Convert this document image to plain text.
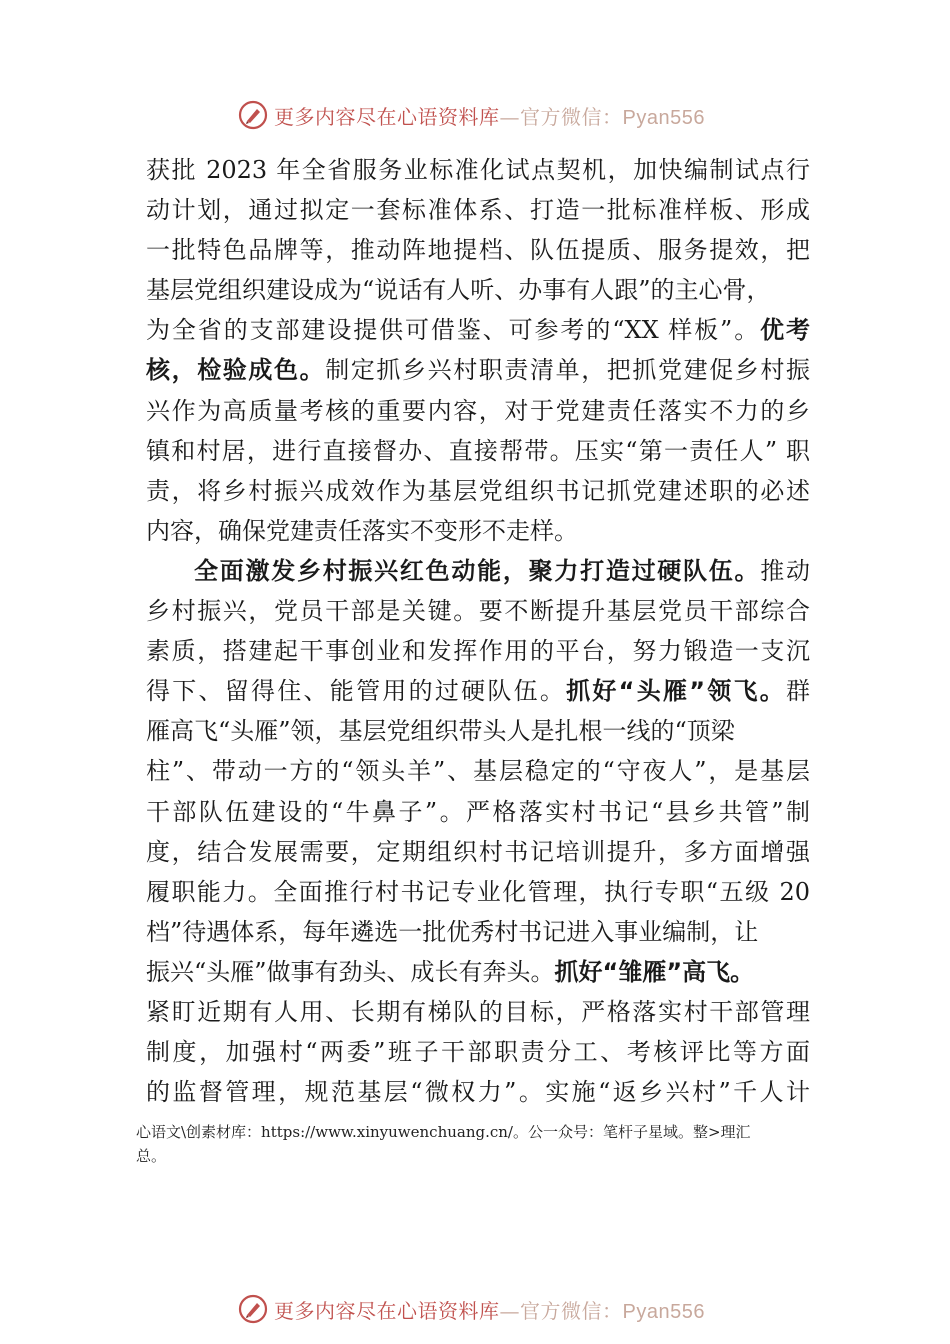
更多内容尽在心语资料库—官方微信：Pyan556
获批 2023 年全省服务业标准化试点契机，加快编制试点行
动计划，通过拟定一套标准体系、打造一批标准样板、形成
一批特色品牌等，推动阵地提档、队伍提质、服务提效，把
基层党组织建设成为“说话有人听、办事有人跟”的主心骨，
为全省的支部建设提供可借鉴、可参考的“XX 样板”。优考
核，检验成色。制定抓乡兴村职责清单，把抓党建促乡村振
兴作为高质量考核的重要内容，对于党建责任落实不力的乡
镇和村居，进行直接督办、直接帮带。压实“第一责任人” 职
责，将乡村振兴成效作为基层党组织书记抓党建述职的必述
内容，确保党建责任落实不变形不走样。
全面激发乡村振兴红色动能，聚力打造过硬队伍。推动
乡村振兴，党员干部是关键。要不断提升基层党员干部综合
素质，搭建起干事创业和发挥作用的平台，努力锻造一支沉
得下、留得住、能管用的过硬队伍。抓好“头雁”领飞。群
雁高飞“头雁”领，基层党组织带头人是扎根一线的“顶梁
柱”、带动一方的“领头羊”、基层稳定的“守夜人”，是基层
干部队伍建设的“牛鼻子”。严格落实村书记“县乡共管”制
度，结合发展需要，定期组织村书记培训提升，多方面增强
履职能力。全面推行村书记专业化管理，执行专职“五级 20
档”待遇体系，每年遴选一批优秀村书记进入事业编制，让
振兴“头雁”做事有劲头、成长有奔头。抓好“雏雁”高飞。
紧盯近期有人用、长期有梯队的目标，严格落实村干部管理
制度，加强村“两委”班子干部职责分工、考核评比等方面
的监督管理，规范基层“微权力”。实施“返乡兴村”千人计
心语文\创素材库：https://www.xinyuwenchuang.cn/。公一众号：笔杆子星域。整>理汇
总。
更多内容尽在心语资料库—官方微信：Pyan556
